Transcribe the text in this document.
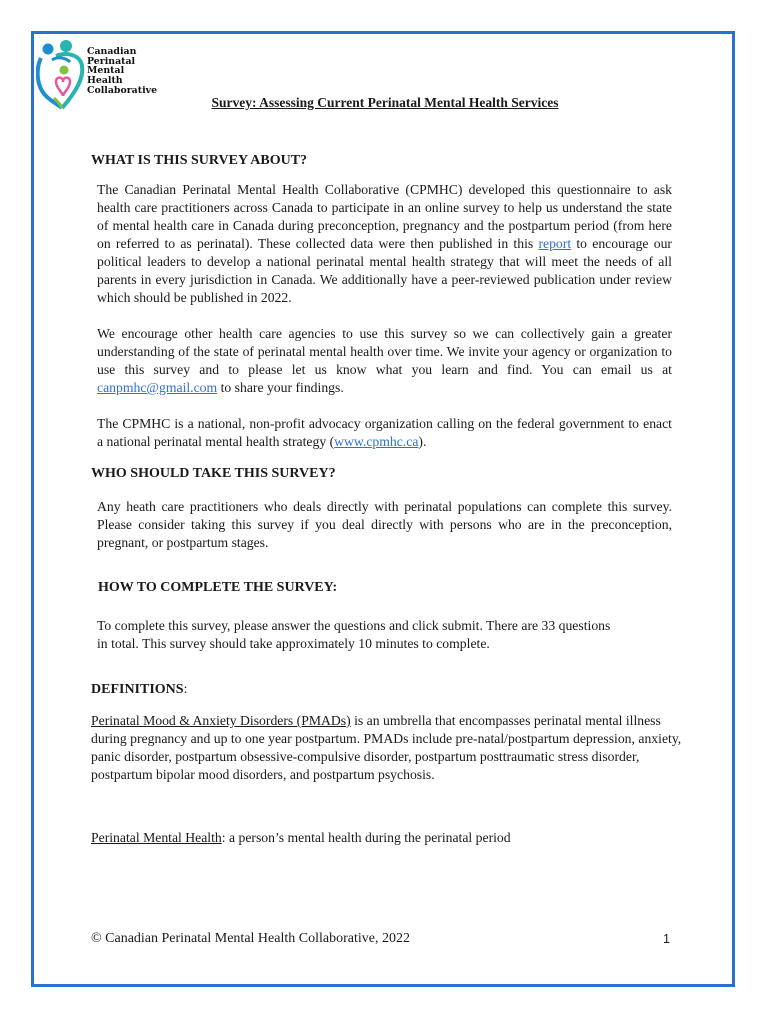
Canadian
Perinatal
Mental
Health
Collaborative
Survey: Assessing Current Perinatal Mental Health Services
WHAT IS THIS SURVEY ABOUT?
The Canadian Perinatal Mental Health Collaborative (CPMHC) developed this questionnaire to ask health care practitioners across Canada to participate in an online survey to help us understand the state of mental health care in Canada during preconception, pregnancy and the postpartum period (from here on referred to as perinatal). These collected data were then published in this report to encourage our political leaders to develop a national perinatal mental health strategy that will meet the needs of all parents in every jurisdiction in Canada. We additionally have a peer-reviewed publication under review which should be published in 2022.
We encourage other health care agencies to use this survey so we can collectively gain a greater understanding of the state of perinatal mental health over time. We invite your agency or organization to use this survey and to please let us know what you learn and find. You can email us at canpmhc@gmail.com to share your findings.
The CPMHC is a national, non-profit advocacy organization calling on the federal government to enact a national perinatal mental health strategy (www.cpmhc.ca).
WHO SHOULD TAKE THIS SURVEY?
Any heath care practitioners who deals directly with perinatal populations can complete this survey. Please consider taking this survey if you deal directly with persons who are in the preconception, pregnant, or postpartum stages.
HOW TO COMPLETE THE SURVEY:
To complete this survey, please answer the questions and click submit. There are 33 questions
in total. This survey should take approximately 10 minutes to complete.
DEFINITIONS:
Perinatal Mood & Anxiety Disorders (PMADs) is an umbrella that encompasses perinatal mental illness during pregnancy and up to one year postpartum. PMADs include pre-natal/postpartum depression, anxiety, panic disorder, postpartum obsessive-compulsive disorder, postpartum posttraumatic stress disorder, postpartum bipolar mood disorders, and postpartum psychosis.
Perinatal Mental Health: a person’s mental health during the perinatal period
© Canadian Perinatal Mental Health Collaborative, 2022	1
